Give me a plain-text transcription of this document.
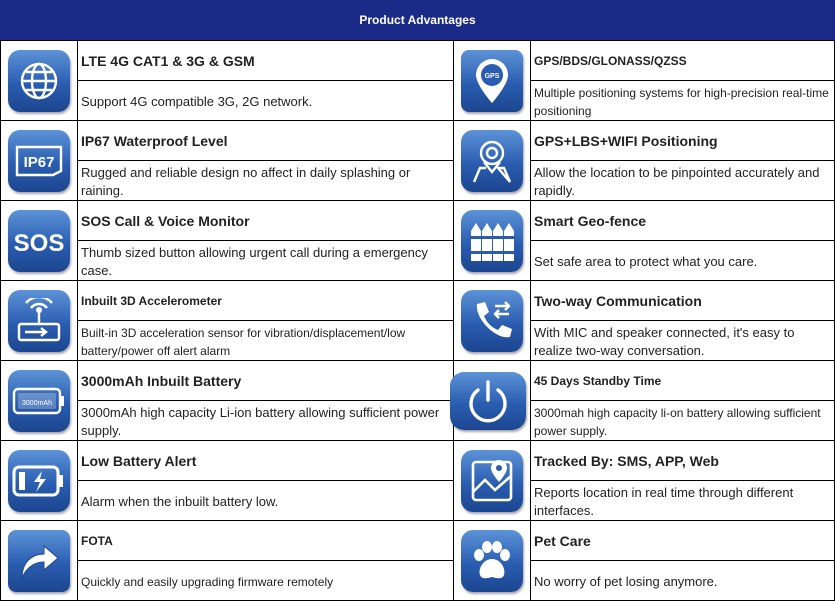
Product Advantages
LTE 4G CAT1 & 3G & GSM
Support 4G compatible 3G, 2G network.
GPS
GPS/BDS/GLONASS/QZSS
Multiple positioning systems for high-precision real-time positioning
IP67
IP67 Waterproof Level
Rugged and reliable design no affect in daily splashing or raining.
GPS+LBS+WIFI Positioning
Allow the location to be pinpointed accurately and rapidly.
SOS
SOS Call & Voice Monitor
Thumb sized button allowing urgent call during a emergency case.
Smart Geo-fence
Set safe area to protect what you care.
Inbuilt 3D Accelerometer
Built-in 3D acceleration sensor for vibration/displacement/low battery/power off alert alarm
Two-way Communication
With MIC and speaker connected, it's easy to realize two-way conversation.
3000mAh
3000mAh Inbuilt Battery
3000mAh high capacity Li-ion battery allowing sufficient power supply.
45 Days Standby Time
3000mah high capacity li-on battery allowing sufficient power supply.
Low Battery Alert
Alarm when the inbuilt battery low.
Tracked By: SMS, APP, Web
Reports location in real time through different interfaces.
FOTA
Quickly and easily upgrading firmware remotely
Pet Care
No worry of pet losing anymore.
